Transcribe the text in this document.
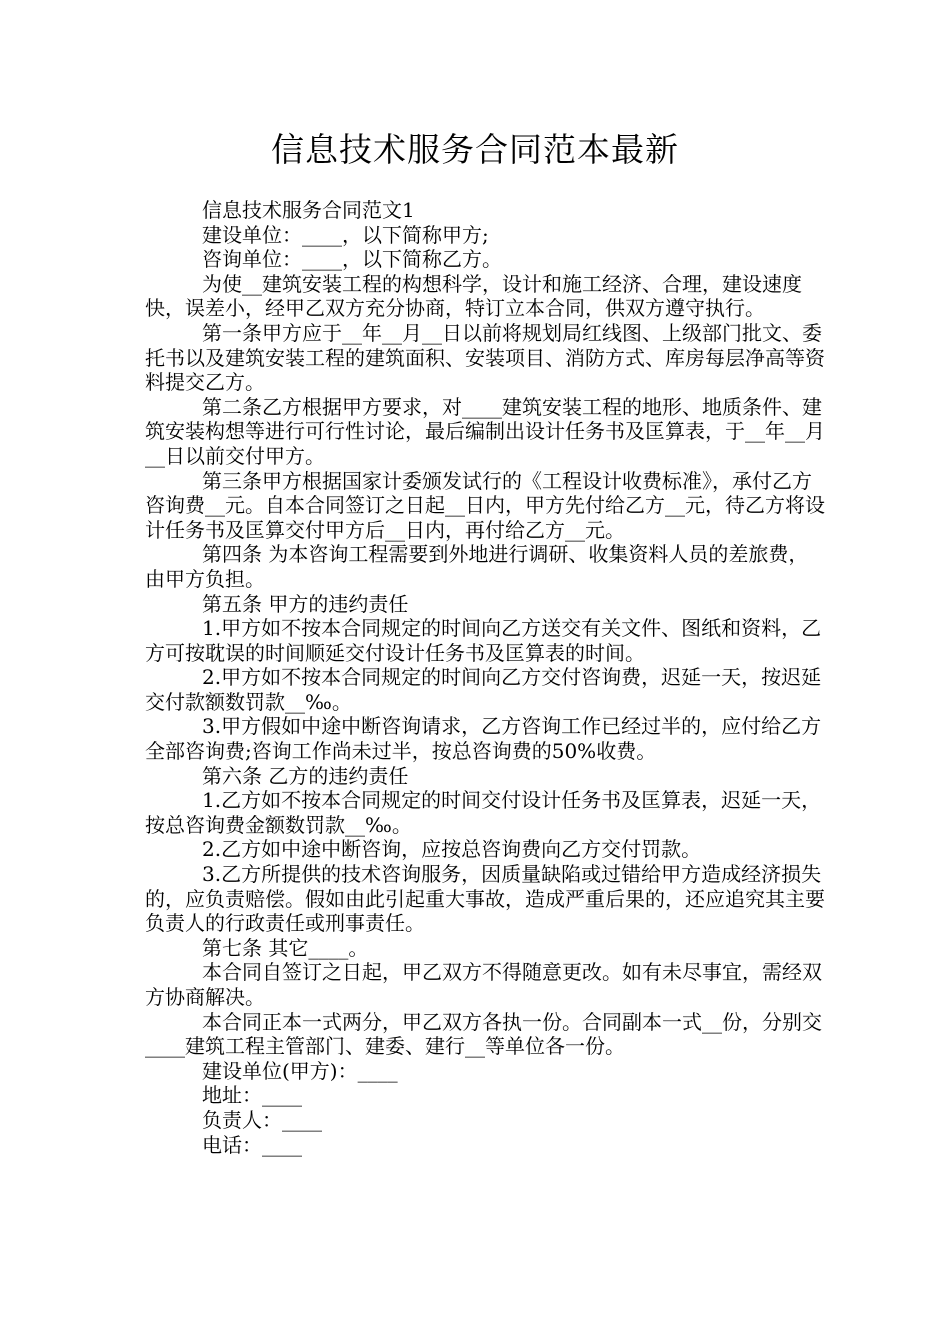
信息技术服务合同范本最新

信息技术服务合同范文1

建设单位：____，以下简称甲方;

咨询单位：____，以下简称乙方。

为使__建筑安装工程的构想科学，设计和施工经济、合理，建设速度快，误差小，经甲乙双方充分协商，特订立本合同，供双方遵守执行。

第一条甲方应于__年__月__日以前将规划局红线图、上级部门批文、委托书以及建筑安装工程的建筑面积、安装项目、消防方式、库房每层净高等资料提交乙方。

第二条乙方根据甲方要求，对____建筑安装工程的地形、地质条件、建筑安装构想等进行可行性讨论，最后编制出设计任务书及匡算表，于__年__月__日以前交付甲方。

第三条甲方根据国家计委颁发试行的《工程设计收费标准》，承付乙方咨询费__元。自本合同签订之日起__日内，甲方先付给乙方__元，待乙方将设计任务书及匡算交付甲方后__日内，再付给乙方__元。

第四条 为本咨询工程需要到外地进行调研、收集资料人员的差旅费，由甲方负担。

第五条 甲方的违约责任

1.甲方如不按本合同规定的时间向乙方送交有关文件、图纸和资料，乙方可按耽误的时间顺延交付设计任务书及匡算表的时间。

2.甲方如不按本合同规定的时间向乙方交付咨询费，迟延一天，按迟延交付款额数罚款__‰。

3.甲方假如中途中断咨询请求，乙方咨询工作已经过半的，应付给乙方全部咨询费;咨询工作尚未过半，按总咨询费的50%收费。

第六条 乙方的违约责任

1.乙方如不按本合同规定的时间交付设计任务书及匡算表，迟延一天，按总咨询费金额数罚款__‰。

2.乙方如中途中断咨询，应按总咨询费向乙方交付罚款。

3.乙方所提供的技术咨询服务，因质量缺陷或过错给甲方造成经济损失的，应负责赔偿。假如由此引起重大事故，造成严重后果的，还应追究其主要负责人的行政责任或刑事责任。

第七条 其它____。

本合同自签订之日起，甲乙双方不得随意更改。如有未尽事宜，需经双方协商解决。

本合同正本一式两分，甲乙双方各执一份。合同副本一式__份，分别交____建筑工程主管部门、建委、建行__等单位各一份。

建设单位(甲方)：____

地址：____

负责人：____

电话：____
